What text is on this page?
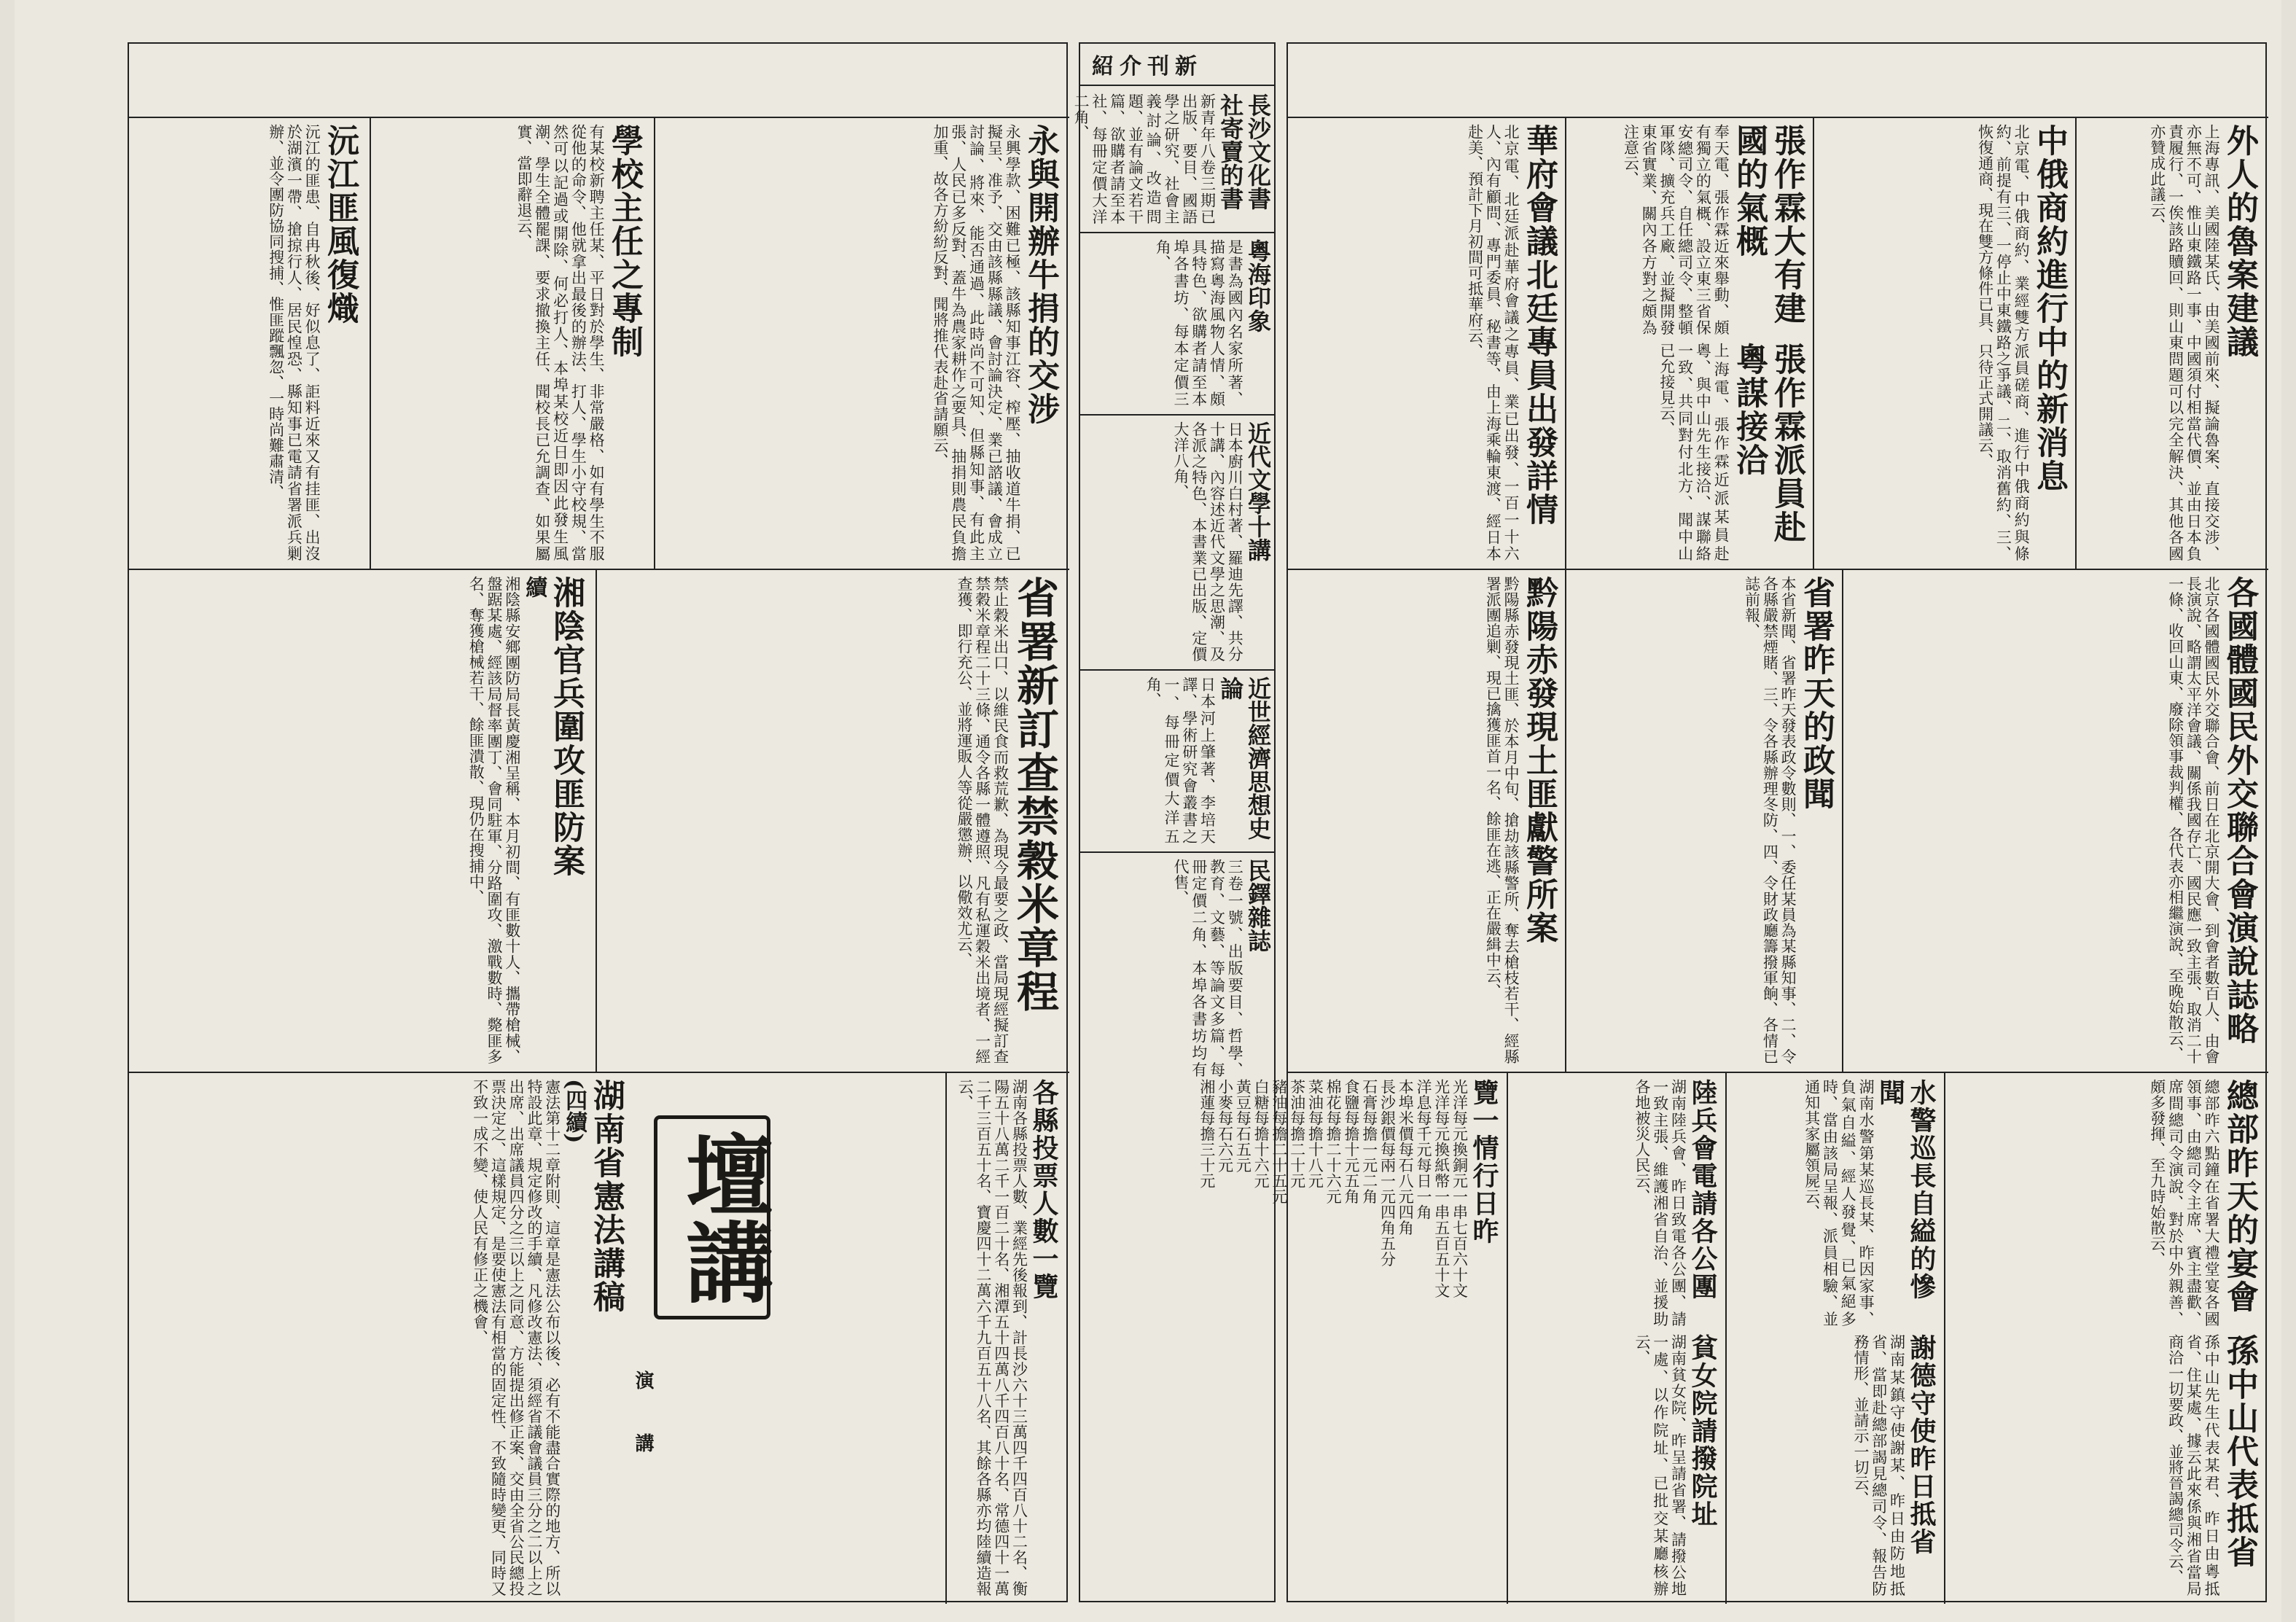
永與開辦牛捐的交涉
永興學款、困難已極、該縣知事江容、榨壓、抽收道牛捐、已擬呈、准予、交由該縣縣議、會討論決定、業已諮議、會成立討論、將來、能否通過、此時尚不可知、但縣知事、有此主張、人民已多反對、蓋牛為農家耕作之要具、抽捐則農民負擔加重、故各方紛紛反對、聞將推代表赴省請願云、
沅江匪風復熾
沅江的匪患、自冉秋後、好似息了、詎料近來又有挂匪、出沒於湖濱一帶、搶掠行人、居民惶恐、縣知事已電請省署派兵剿辦、並令團防協同搜捕、惟匪蹤飄忽、一時尚難肅清、	學校主任之專制
有某校新聘主任某、平日對於學生、非常嚴格、如有學生不服從他的命令、他就拿出最後的辦法、打人、學生小守校規、當然可以記過或開除、何必打人、本埠某校近日即因此發生風潮、學生全體罷課、要求撤換主任、聞校長已允調查、如果屬實、當即辭退云、
省署新訂查禁穀米章程
禁止穀米出口、以維民食而救荒歉、為現今最要之政、當局現經擬訂查禁穀米章程二十三條、通令各縣一體遵照、凡有私運穀米出境者、一經查獲、即行充公、並將運販人等從嚴懲辦、以儆效尤云、
湘陰官兵圍攻匪防案
續
湘陰縣安鄉團防局長黃慶湘呈稱、本月初間、有匪數十人、攜帶槍械、盤踞某處、經該局督率團丁、會同駐軍、分路圍攻、激戰數時、斃匪多名、奪獲槍械若干、餘匪潰散、現仍在搜捕中、
各縣投票人數一覽
湖南各縣投票人數、業經先後報到、計長沙六十三萬四千四百八十二名、衡陽五十八萬二千一百二十名、湘潭五十四萬八千四百八十名、常德四十一萬二千三百五十名、寶慶四十二萬六千九百五十八名、其餘各縣亦均陸續造報云、
湖南省憲法講稿
(四續)
憲法第十二章附則、這章是憲法公布以後、必有不能盡合實際的地方、所以特設此章、規定修改的手續、凡修改憲法、須經省議會議員三分之二以上之出席、出席議員四分之三以上之同意、方能提出修正案、交由全省公民總投票決定之、這樣規定、是要使憲法有相當的固定性、不致隨時變更、同時又不致一成不變、使人民有修正之機會、	壇講
演講
紹介刊新
長沙文化書社寄賣的書
新青年八卷三期已出版、要目、國語學之研究、社會主義討論、改造問題、並有論文若干篇、欲購者請至本社、每冊定價大洋二角、
粵海印象
是書為國內名家所著、描寫粵海風物人情、頗具特色、欲購者請至本埠各書坊、每本定價三角、
近代文學十講
日本廚川白村著、羅迪先譯、共分十講、內容述近代文學之思潮、及各派之特色、本書業已出版、定價大洋八角、
近世經濟思想史論
日本河上肇著、李培天譯、學術研究會叢書之一、每冊定價大洋五角、
民鐸雜誌
三卷一號、出版要目、哲學、教育、文藝、等論文多篇、每冊定價二角、本埠各書坊均有代售、
外人的魯案建議
上海專訊、美國陸某氏、由美國前來、擬論魯案、直接交涉、亦無不可、惟山東鐵路一事、中國須付相當代價、並由日本負責履行、一俟該路贖回、則山東問題可以完全解決、其他各國亦贊成此議云、
中俄商約進行中的新消息
北京電、中俄商約、業經雙方派員磋商、進行中俄商約與條約、前提有三、一停止中東鐵路之爭議、二、取消舊約、三、恢復通商、現在雙方條件已具、只待正式開議云、
張作霖大有建國的氣概
奉天電、張作霖近來舉動、頗有獨立的氣概、設立東三省保安總司令、自任總司令、整頓軍隊、擴充兵工廠、並擬開發東省實業、關內各方對之頗為注意云、
張作霖派員赴粵謀接洽
上海電、張作霖近派某員赴粵、與中山先生接洽、謀聯絡一致、共同對付北方、聞中山已允接見云、
華府會議北廷專員出發詳情
北京電、北廷派赴華府會議之專員、業已出發、一百一十六人、內有顧問、專門委員、秘書等、由上海乘輪東渡、經日本赴美、預計下月初間可抵華府云、
各國體國民外交聯合會演說誌略
北京各國體國民外交聯合會、前日在北京開大會、到會者數百人、由會長演說、略謂太平洋會議、關係我國存亡、國民應一致主張、取消二十一條、收回山東、廢除領事裁判權、各代表亦相繼演說、至晚始散云、
省署昨天的政聞
本省新聞、省署昨天發表政令數則、一、委任某員為某縣知事、二、令各縣嚴禁煙賭、三、令各縣辦理冬防、四、令財政廳籌撥軍餉、各情已誌前報、
黔陽赤發現土匪獻警所案
黔陽縣赤發現土匪、於本月中旬、搶劫該縣警所、奪去槍枝若干、經縣署派團追剿、現已擒獲匪首一名、餘匪在逃、正在嚴緝中云、
總部昨天的宴會
總部昨六點鐘在省署大禮堂宴各國領事、由總司令主席、賓主盡歡、席間總司令演說、對於中外親善、頗多發揮、至九時始散云、
孫中山代表抵省
孫中山先生代表某君、昨日由粵抵省、住某處、據云此來係與湘省當局商洽一切要政、並將晉謁總司令云、
水警巡長自縊的慘聞
湖南水警第某巡長某、昨因家事、負氣自縊、經人發覺、已氣絕多時、當由該局呈報、派員相驗、並通知其家屬領屍云、
謝德守使昨日抵省
湖南某鎮守使謝某、昨日由防地抵省、當即赴總部謁見總司令、報告防務情形、並請示一切云、
陸兵會電請各公團
湖南陸兵會、昨日致電各公團、請一致主張、維護湘省自治、並援助各地被災人民云、
貧女院請撥院址
湖南貧女院、昨呈請省署、請撥公地一處、以作院址、已批交某廳核辦云、
覽一情行日昨
光洋每元換銅元一串七百六十文
光洋每元換紙幣一串五百五十文
洋息每千元每日一角
本埠米價每石八元四角
長沙銀價每兩一元四角五分
石膏每擔一元二角
食鹽每擔十元五角
棉花每擔二十六元
菜油每擔十八元
茶油每擔二十元
豬油每擔二十五元
白糖每擔十六元
黃豆每石五元
小麥每石六元
湘蓮每擔三十元
